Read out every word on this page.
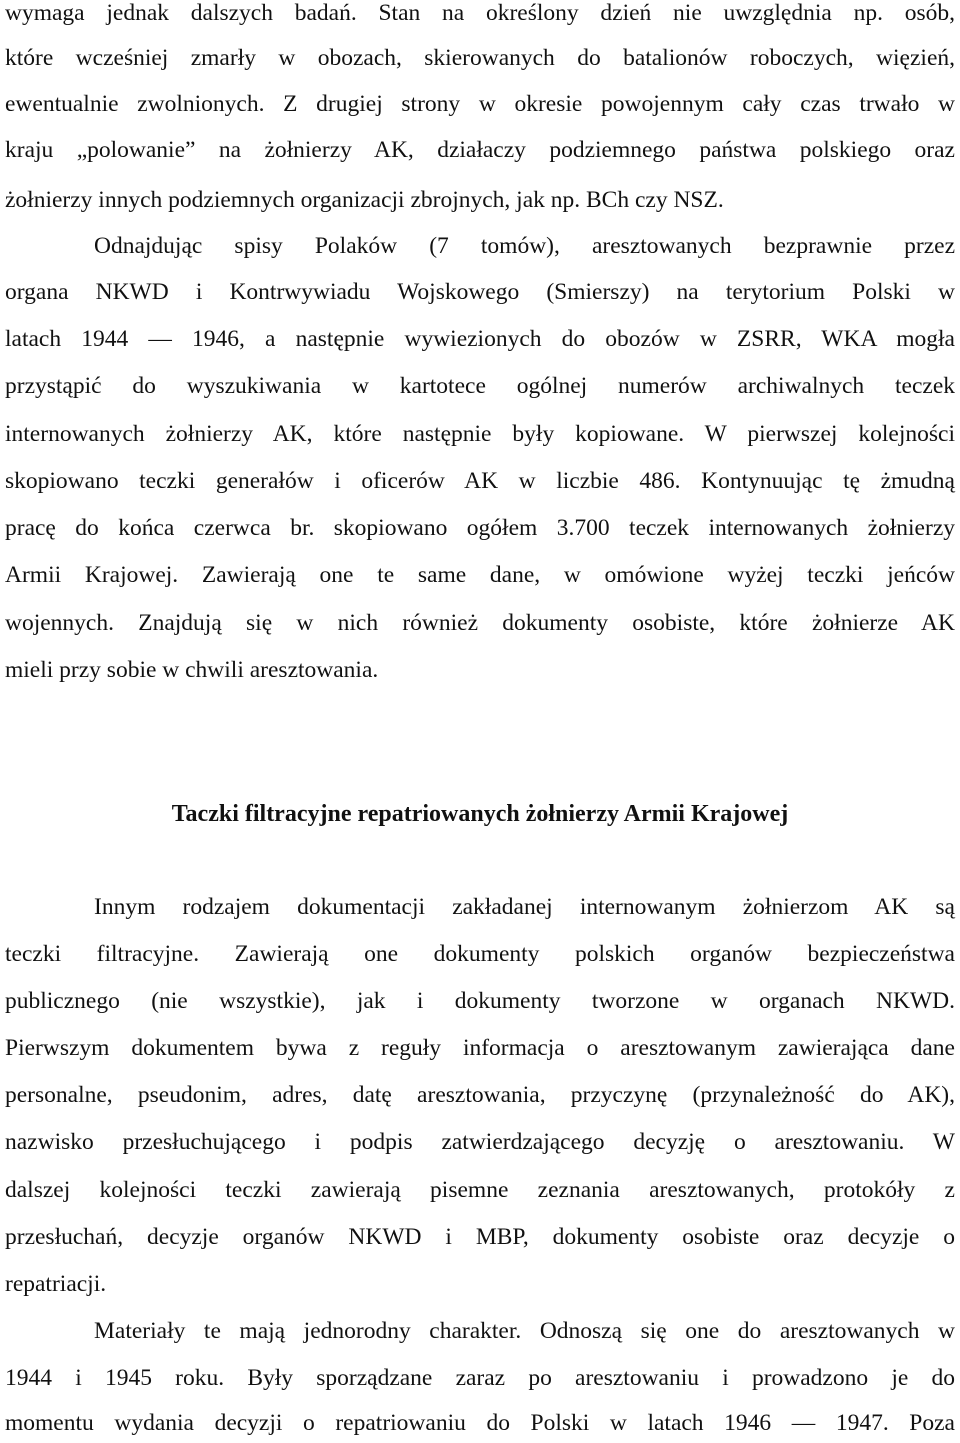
wymaga jednak dalszych badań. Stan na określony dzień nie uwzględnia np. osób,
które wcześniej zmarły w obozach, skierowanych do batalionów roboczych, więzień,
ewentualnie zwolnionych. Z drugiej strony w okresie powojennym cały czas trwało w
kraju „polowanie” na żołnierzy AK, działaczy podziemnego państwa polskiego oraz
żołnierzy innych podziemnych organizacji zbrojnych, jak np. BCh czy NSZ.
Odnajdując spisy Polaków (7 tomów), aresztowanych bezprawnie przez
organa NKWD i Kontrwywiadu Wojskowego (Smierszy) na terytorium Polski w
latach 1944 — 1946, a następnie wywiezionych do obozów w ZSRR, WKA mogła
przystąpić do wyszukiwania w kartotece ogólnej numerów archiwalnych teczek
internowanych żołnierzy AK, które następnie były kopiowane. W pierwszej kolejności
skopiowano teczki generałów i oficerów AK w liczbie 486. Kontynuując tę żmudną
pracę do końca czerwca br. skopiowano ogółem 3.700 teczek internowanych żołnierzy
Armii Krajowej. Zawierają one te same dane, w omówione wyżej teczki jeńców
wojennych. Znajdują się w nich również dokumenty osobiste, które żołnierze AK
mieli przy sobie w chwili aresztowania.
Taczki filtracyjne repatriowanych żołnierzy Armii Krajowej
Innym rodzajem dokumentacji zakładanej internowanym żołnierzom AK są
teczki filtracyjne. Zawierają one dokumenty polskich organów bezpieczeństwa
publicznego (nie wszystkie), jak i dokumenty tworzone w organach NKWD.
Pierwszym dokumentem bywa z reguły informacja o aresztowanym zawierająca dane
personalne, pseudonim, adres, datę aresztowania, przyczynę (przynależność do AK),
nazwisko przesłuchującego i podpis zatwierdzającego decyzję o aresztowaniu. W
dalszej kolejności teczki zawierają pisemne zeznania aresztowanych, protokóły z
przesłuchań, decyzje organów NKWD i MBP, dokumenty osobiste oraz decyzje o
repatriacji.
Materiały te mają jednorodny charakter. Odnoszą się one do aresztowanych w
1944 i 1945 roku. Były sporządzane zaraz po aresztowaniu i prowadzono je do
momentu wydania decyzji o repatriowaniu do Polski w latach 1946 — 1947. Poza
